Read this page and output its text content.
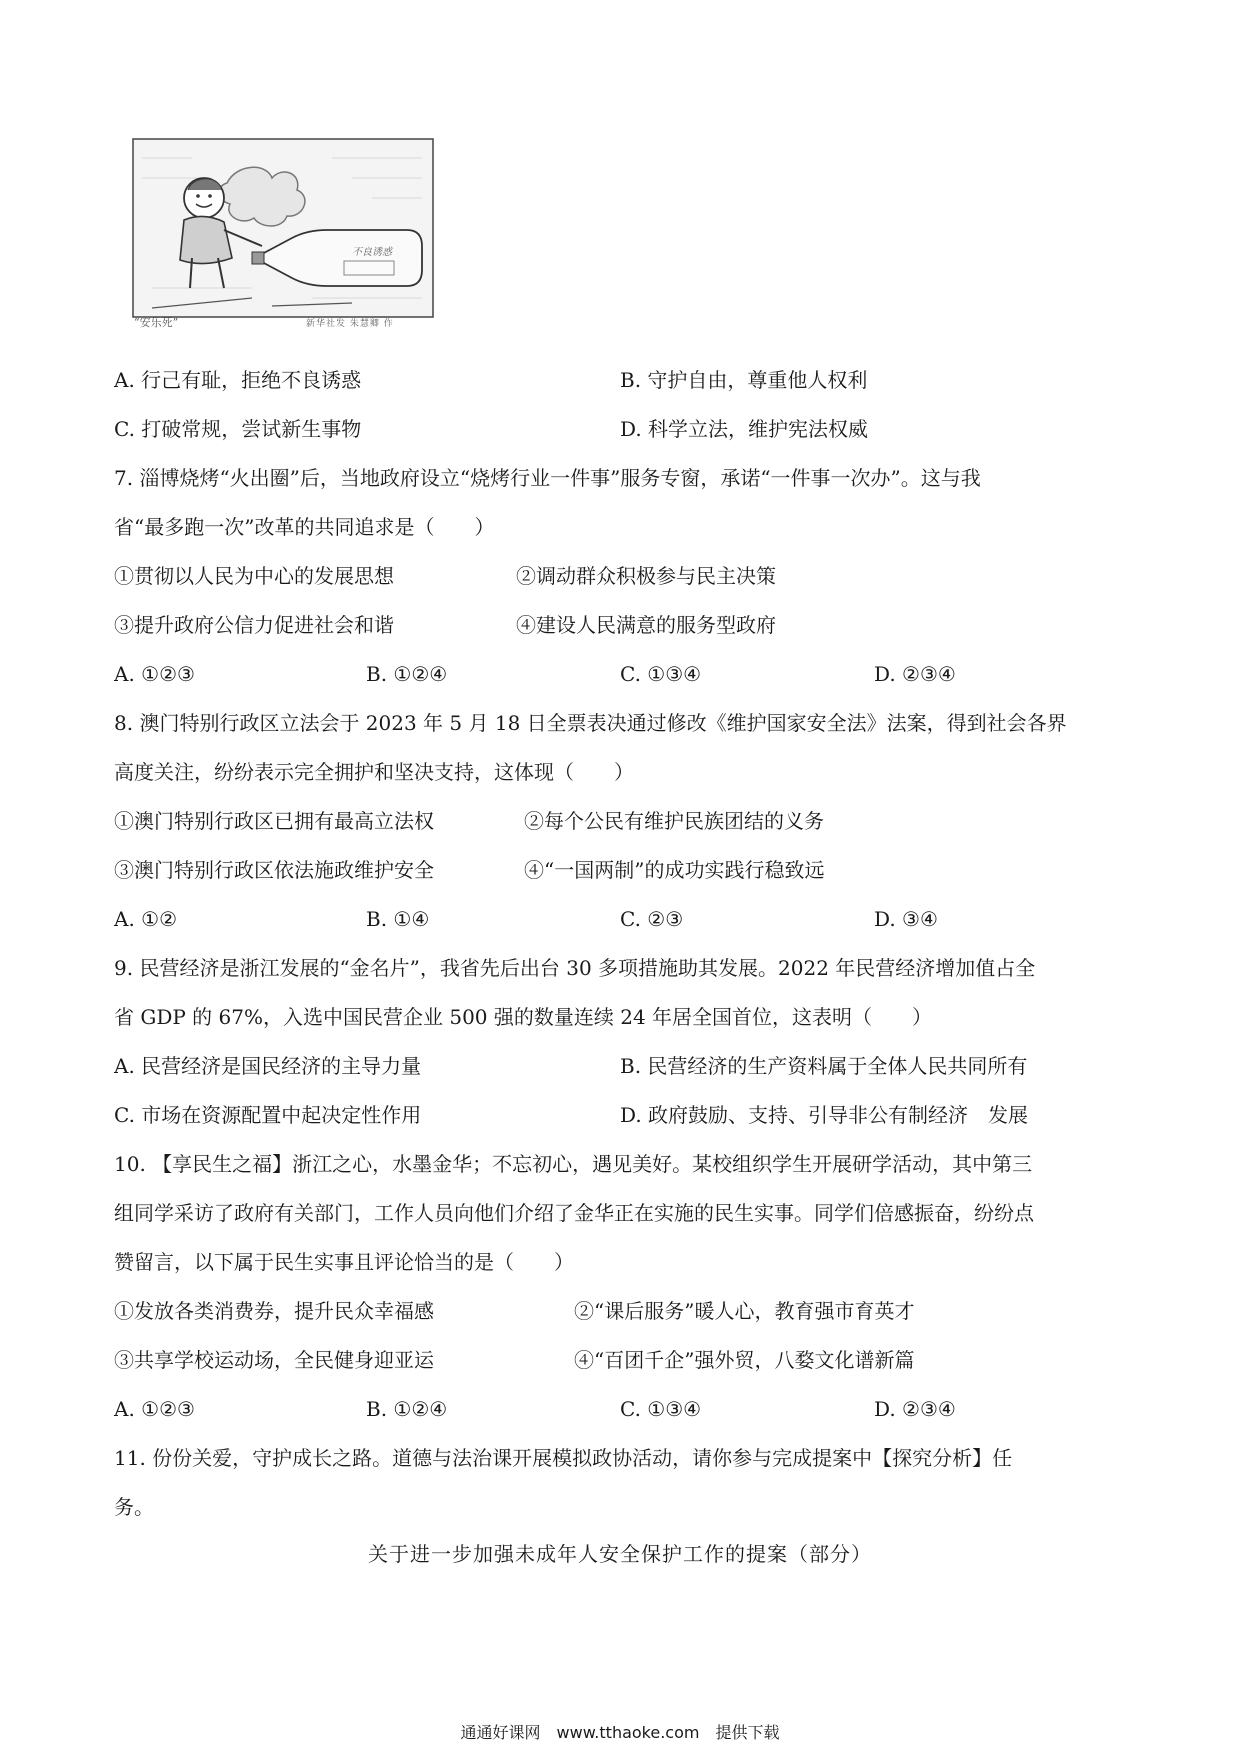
不良诱惑
“安乐死”	新华社发 朱慧卿 作
A. 行己有耻，拒绝不良诱惑	B. 守护自由，尊重他人权利
C. 打破常规，尝试新生事物	D. 科学立法，维护宪法权威
7. 淄博烧烤“火出圈”后，当地政府设立“烧烤行业一件事”服务专窗，承诺“一件事一次办”。这与我
省“最多跑一次”改革的共同追求是（　　）
①贯彻以人民为中心的发展思想	②调动群众积极参与民主决策
③提升政府公信力促进社会和谐	④建设人民满意的服务型政府
A. ①②③	B. ①②④	C. ①③④	D. ②③④
8. 澳门特别行政区立法会于 2023 年 5 月 18 日全票表决通过修改《维护国家安全法》法案，得到社会各界
高度关注，纷纷表示完全拥护和坚决支持，这体现（　　）
①澳门特别行政区已拥有最高立法权	②每个公民有维护民族团结的义务
③澳门特别行政区依法施政维护安全	④“一国两制”的成功实践行稳致远
A. ①②	B. ①④	C. ②③	D. ③④
9. 民营经济是浙江发展的“金名片”，我省先后出台 30 多项措施助其发展。2022 年民营经济增加值占全
省 GDP 的 67%，入选中国民营企业 500 强的数量连续 24 年居全国首位，这表明（　　）
A. 民营经济是国民经济的主导力量	B. 民营经济的生产资料属于全体人民共同所有
C. 市场在资源配置中起决定性作用	D. 政府鼓励、支持、引导非公有制经济　发展
10. 【享民生之福】浙江之心，水墨金华；不忘初心，遇见美好。某校组织学生开展研学活动，其中第三
组同学采访了政府有关部门，工作人员向他们介绍了金华正在实施的民生实事。同学们倍感振奋，纷纷点
赞留言，以下属于民生实事且评论恰当的是（　　）
①发放各类消费券，提升民众幸福感	②“课后服务”暖人心，教育强市育英才
③共享学校运动场，全民健身迎亚运	④“百团千企”强外贸，八婺文化谱新篇
A. ①②③	B. ①②④	C. ①③④	D. ②③④
11. 份份关爱，守护成长之路。道德与法治课开展模拟政协活动，请你参与完成提案中【探究分析】任
务。
关于进一步加强未成年人安全保护工作的提案（部分）
通通好课网　www.tthaoke.com　提供下载
